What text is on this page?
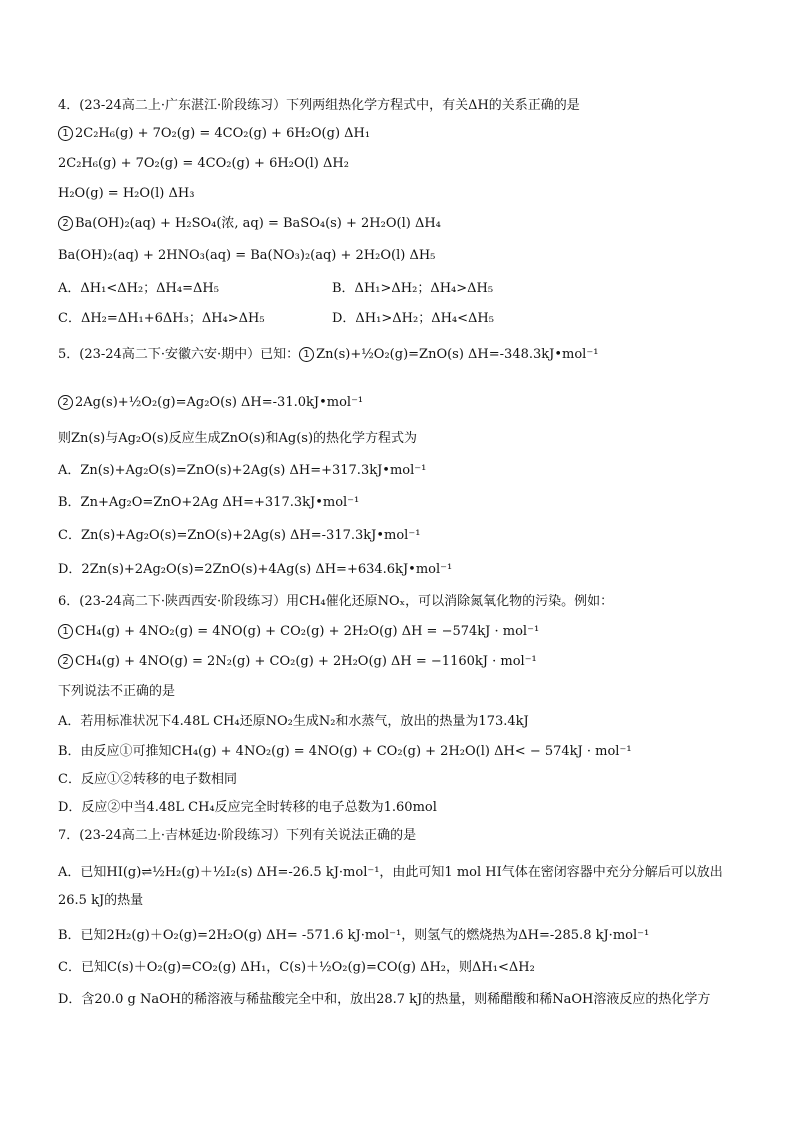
4．(23-24高二上·广东湛江·阶段练习）下列两组热化学方程式中，有关ΔH的关系正确的是
1 2C₂H₆(g) + 7O₂(g) = 4CO₂(g) + 6H₂O(g) ΔH₁
2C₂H₆(g) + 7O₂(g) = 4CO₂(g) + 6H₂O(l) ΔH₂
H₂O(g) = H₂O(l) ΔH₃
2 Ba(OH)₂(aq) + H₂SO₄(浓, aq) = BaSO₄(s) + 2H₂O(l) ΔH₄
Ba(OH)₂(aq) + 2HNO₃(aq) = Ba(NO₃)₂(aq) + 2H₂O(l) ΔH₅
A．ΔH₁<ΔH₂；ΔH₄=ΔH₅	B．ΔH₁>ΔH₂；ΔH₄>ΔH₅
C．ΔH₂=ΔH₁+6ΔH₃；ΔH₄>ΔH₅	D．ΔH₁>ΔH₂；ΔH₄<ΔH₅
5．(23-24高二下·安徽六安·期中）已知： 1 Zn(s)+½O₂(g)=ZnO(s) ΔH=-348.3kJ•mol⁻¹
2 2Ag(s)+½O₂(g)=Ag₂O(s) ΔH=-31.0kJ•mol⁻¹
则Zn(s)与Ag₂O(s)反应生成ZnO(s)和Ag(s)的热化学方程式为
A．Zn(s)+Ag₂O(s)=ZnO(s)+2Ag(s) ΔH=+317.3kJ•mol⁻¹
B．Zn+Ag₂O=ZnO+2Ag ΔH=+317.3kJ•mol⁻¹
C．Zn(s)+Ag₂O(s)=ZnO(s)+2Ag(s) ΔH=-317.3kJ•mol⁻¹
D．2Zn(s)+2Ag₂O(s)=2ZnO(s)+4Ag(s) ΔH=+634.6kJ•mol⁻¹
6．(23-24高二下·陕西西安·阶段练习）用CH₄催化还原NOₓ，可以消除氮氧化物的污染。例如：
1 CH₄(g) + 4NO₂(g) = 4NO(g) + CO₂(g) + 2H₂O(g) ΔH = −574kJ · mol⁻¹
2 CH₄(g) + 4NO(g) = 2N₂(g) + CO₂(g) + 2H₂O(g) ΔH = −1160kJ · mol⁻¹
下列说法不正确的是
A．若用标准状况下4.48L CH₄还原NO₂生成N₂和水蒸气，放出的热量为173.4kJ
B．由反应①可推知CH₄(g) + 4NO₂(g) = 4NO(g) + CO₂(g) + 2H₂O(l) ΔH< − 574kJ · mol⁻¹
C．反应①②转移的电子数相同
D．反应②中当4.48L CH₄反应完全时转移的电子总数为1.60mol
7．(23-24高二上·吉林延边·阶段练习）下列有关说法正确的是
A．已知HI(g)⇌½H₂(g)＋½I₂(s) ΔH=-26.5 kJ·mol⁻¹，由此可知1 mol HI气体在密闭容器中充分分解后可以放出26.5 kJ的热量
B．已知2H₂(g)＋O₂(g)=2H₂O(g) ΔH= -571.6 kJ·mol⁻¹，则氢气的燃烧热为ΔH=-285.8 kJ·mol⁻¹
C．已知C(s)＋O₂(g)=CO₂(g) ΔH₁，C(s)＋½O₂(g)=CO(g) ΔH₂，则ΔH₁<ΔH₂
D．含20.0 g NaOH的稀溶液与稀盐酸完全中和，放出28.7 kJ的热量，则稀醋酸和稀NaOH溶液反应的热化学方
